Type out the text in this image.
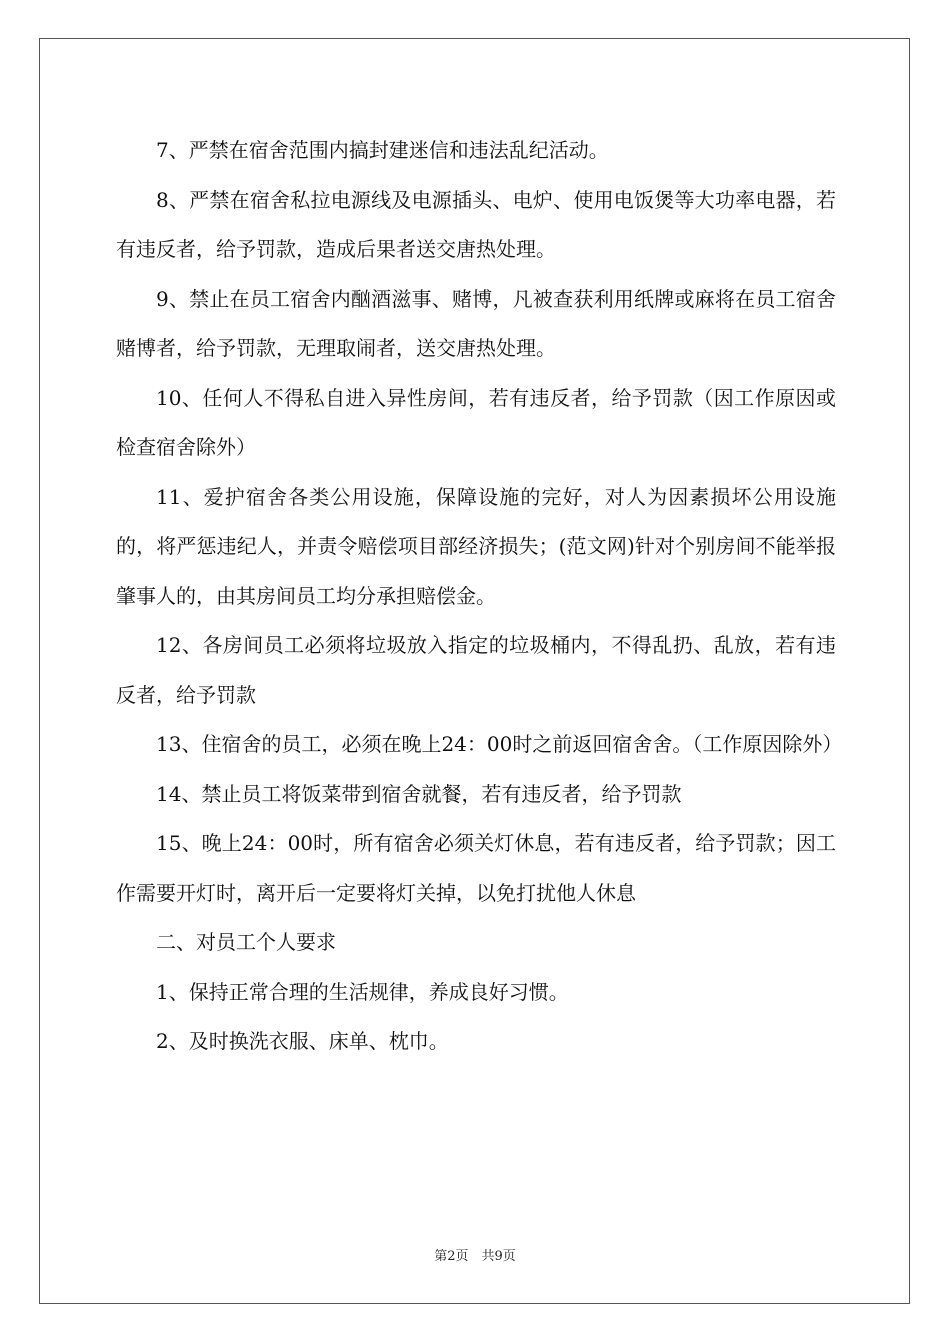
7、严禁在宿舍范围内搞封建迷信和违法乱纪活动。

8、严禁在宿舍私拉电源线及电源插头、电炉、使用电饭煲等大功率电器，若有违反者，给予罚款，造成后果者送交唐热处理。

9、禁止在员工宿舍内酗酒滋事、赌博，凡被查获利用纸牌或麻将在员工宿舍赌博者，给予罚款，无理取闹者，送交唐热处理。

10、任何人不得私自进入异性房间，若有违反者，给予罚款（因工作原因或检查宿舍除外）

11、爱护宿舍各类公用设施，保障设施的完好，对人为因素损坏公用设施的，将严惩违纪人，并责令赔偿项目部经济损失；(范文网)针对个别房间不能举报肇事人的，由其房间员工均分承担赔偿金。

12、各房间员工必须将垃圾放入指定的垃圾桶内，不得乱扔、乱放，若有违反者，给予罚款

13、住宿舍的员工，必须在晚上24：00时之前返回宿舍舍。（工作原因除外）

14、禁止员工将饭菜带到宿舍就餐，若有违反者，给予罚款

15、晚上24：00时，所有宿舍必须关灯休息，若有违反者，给予罚款；因工作需要开灯时，离开后一定要将灯关掉，以免打扰他人休息

二、对员工个人要求

1、保持正常合理的生活规律，养成良好习惯。

2、及时换洗衣服、床单、枕巾。

第2页　共9页
